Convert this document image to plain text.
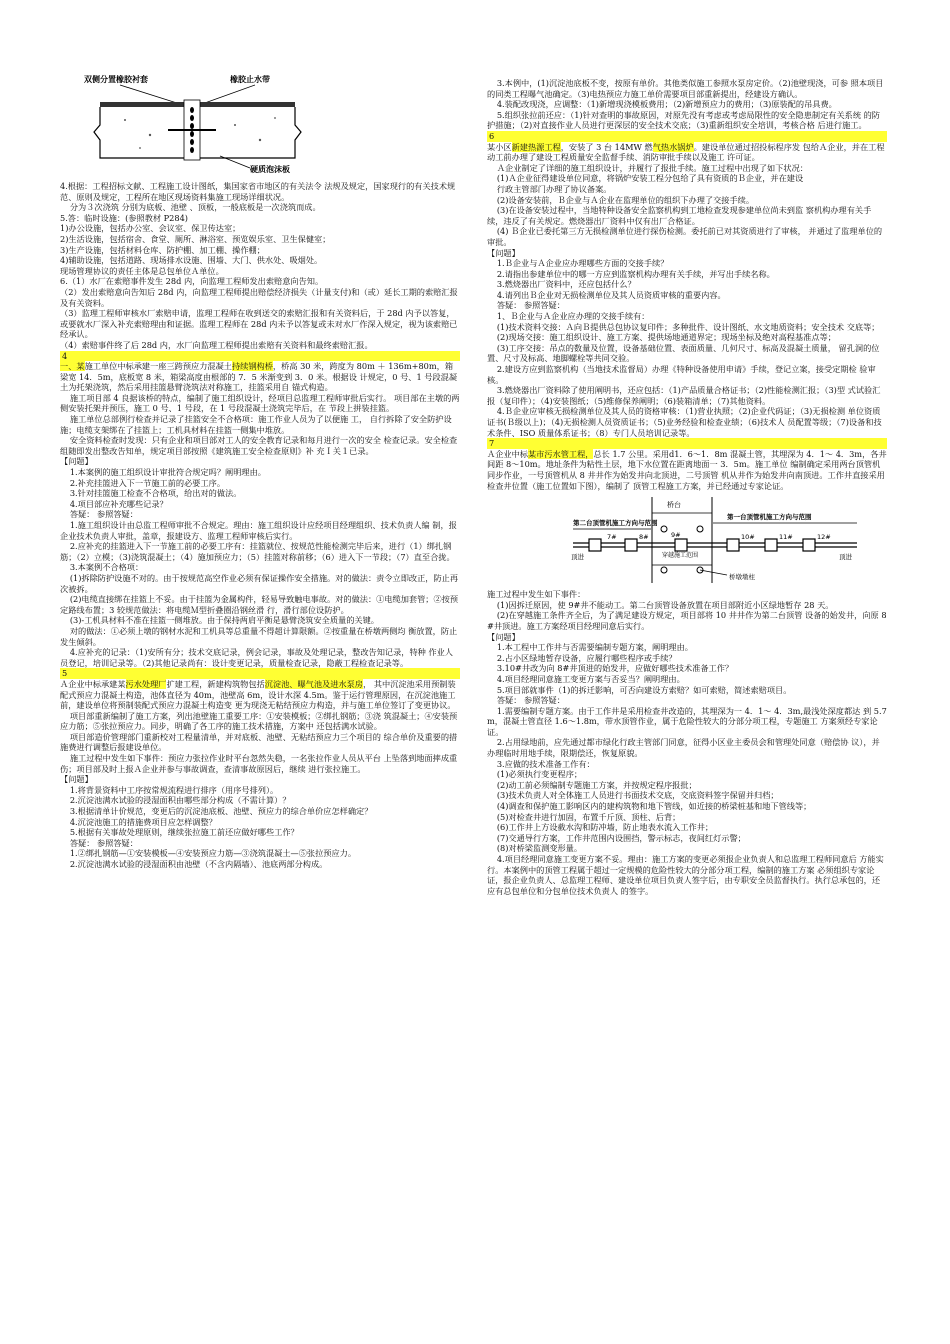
双侧分置橡胶衬套	橡胶止水带
硬质泡沫板

4.根据：工程招标文献、工程施工设计图纸，集国家省市地区的有关法令 法规及规定，国家现行的有关技术规范、原则及规定，工程所在地区现场资料集施工现场详细状况。

分为３次浇筑 分别为底板、池壁 、顶板，一般底板是一次浇筑而成。

5.答：临时设施：(参照教材 P284)

1)办公设施，包括办公室、会议室、保卫传达室；

2)生活设施，包括宿舍、食堂、厕所、淋浴室、预览娱乐室、卫生保健室；

3)生产设施，包括材料仓库、防护棚、加工棚、操作棚；

4)辅助设施，包括道路、现场排水设施、围墙、大门、供水处、吸烟处。

现场管理协议的责任主体是总包单位Ａ单位。

6.（1）水厂在索赔事件发生 28d 内，向监理工程师发出索赔意向告知。

（2）发出索赔意向告知后 28d 内，向监理工程师提出赔偿经济损失（计量支付)和（或）延长工期的索赔汇报及有关资料。

（3）监理工程师审核水厂索赔申请，监理工程师在收到送交的索赔汇报和有关资料后，于 28d 内予以答复，或要就水厂深入补充索赔理由和证据。监理工程师在 28d 内未予以答复或未对水厂作深入规定，视为该索赔已经承认。

（4）索赔事件终了后 28d 内，水厂向监理工程师提出索赔有关资料和最终索赔汇报。

4

一、某施工单位中标承建一座三跨预应力混凝土持续钢构桥，桥高 30 米，跨度为 80m ＋ 136m+80m，箱梁宽 14．5m，底板宽 8 米，箱梁高度由根部的 7．5 米渐变到 3．0 米。根据设 计规定，0 号、1 号段混凝土为托架浇筑，然后采用挂篮悬臂浇筑法对称施工，挂篮采用自 锚式构造。

施工项目部 4 良据该桥的特点，编制了施工组织设计，经项目总监理工程师审批后实行。 项目部在主墩的两侧安装托架并预压，施工 0 号、1 号段，在 1 号段混凝土浇筑完毕后，在 节段上拼装挂篮。

施工单位总部例行检查并记录了挂篮安全不合格项：施工作业人员为了以便施 工， 自行拆除了安全防护设施；电缆支架绑在了挂篮上；工机具材料在挂篮一侧集中堆放。

安全资料检查时发现：只有企业和项目部对工人的安全教育记录和每月进行一次的安全 检查记录。安全检查组随即发出整改告知单，规定项目部按照《建筑施工安全检查原则》补 充Ｉ关１已录。

【问题】

1.本案例的施工组织设计审批符合规定吗？阐明理由。

2.补充挂篮进入下一节施工前的必要工序。

3.针对挂篮施工检查不合格项，给出对的做法。

4.项目部应补充哪些记录？

答疑： 参照答疑：

1.施工组织设计由总监工程师审批不合规定。理由：施工组织设计应经项目经理组织、技术负责人编 制，报企业技术负责人审批，盖章，报建设方、监理工程师审核后实行。

2.应补充的挂篮进入下一节施工前的必要工序有：挂篮就位、按规范性能检测完毕后来，进行（1）绑扎钢筋；（2）立模；（3)浇筑混凝土；（4）施加预应力；（5）挂篮对称前移；（6）进入下一节段；（7）直至合拢。

3.本案例不合格项：

(1)拆除防护设施不对的。由于按规范高空作业必须有保证操作安全措施。对的做法：责令立即改正，防止再次被拆。

(2)电缆直接绑在挂篮上不妥。由于挂篮为金属构件，轻易导致触电事故。对的做法：①电缆加套管；②按预定路线布置；3 较规范做法：将电缆Ｍ型折叠圈沿钢丝滑 行，滑行部位设防护。

(3)-工机具材料不准在挂篮一侧堆放。由于保持两肩平衡是悬臂浇筑安全质量的关键。

对的做法：①必须上墩的钢材水泥和工机具等总重量不得超计算限额。②按重量在桥墩两侧均 衡放置，防止发生倾斜。

4.应补充的记录：（1)安所有分；技术交底记录，例会记录，事故及处理记录，整改告知记录，特种 作业人员登记，培训记录等。（2)其他记录尚有：设计变更记录，质量检查记录，隐蔽工程检查记录等。

5

Ａ企业中标承建某污水处理厂扩建工程，新建构筑物包括沉淀池、曝气池及进水泵房， 其中沉淀池采用预制装配式预应力混凝土构造，池体直径为 40m，池壁高 6m，设计水深 4.5m。鉴于运行管理原因，在沉淀池施工前，建设单位将预制装配式预应力混凝土构造变 更为现浇无粘结预应力构造，并与施工单位签订了变更协议。

项目部重新编制了施工方案，列出池壁施工重要工序：①安装模板；②绑扎钢筋；③浇 筑混凝土；④安装预应力筋；⑤张拉预应力。同步，明确了各工序的施工技术措施，方案中 还包括满水试验。

项目部造价管理部门重新校对工程量清单，并对底板、池壁、无粘结预应力三个项目的 综合单价及重要的措施费进行调整后报建设单位。

施工过程中发生如下事件：预应力张拉作业时平台忽然失稳，一名张拉作业人员从平台 上坠落到地面摔成重伤；项目部及时上报Ａ企业并参与事故调查，查清事故原因后，继续 进行张拉施工。

【问题】

1.将背景资料中工序按常规流程进行排序（用序号排列）。

2.沉淀池满水试验的浸湿面积由哪些部分构成（不需计算）？

3.根据清单计价规范，变更后的沉淀池底板、池壁、预应力的综合单价应怎样确定？

4.沉淀池施工的措施费项目应怎样调整？

5.根据有关事故处理原则，继续张拉施工前还应做好哪些工作？

答疑： 参照答疑：

1.②绑扎钢筋—①安装模板—④安装预应力筋—③浇筑混凝土—⑤张拉预应力。

2.沉淀池满水试验的浸湿面积由池壁（不含内隔墙）、池底两部分构成。

3.本例中，(1)沉淀池底板不变，按原有单价。其他类似施工参照水泵房定价。（2)池壁现浇，可参 照本项目的同类工程曝气池确定。（3)电热预应力施工单价需要项目部重新提出，经建设方确认。

4.装配改现浇，应调整：（1)新增现浇模板费用；（2)新增预应力的费用；（3)原装配的吊具费。

5.组织张拉前还应：（1)针对查明的事故原因，对原先没有考虑或考虑局限性的安全隐患制定有关系统 的防护措施；（2)对直接作业人员进行更深层的安全技术交底；（3)重新组织安全培训，考核合格 后进行施工。

6

某小区新建热源工程，安装了 3 台 14MW 燃气热水锅炉。建设单位通过招投标程序发 包给Ａ企业，并在工程动工前办理了建设工程质量安全监督手续、消防审批手续以及施工 许可证。

Ａ企业制定了详细的施工组织设计，并履行了报批手续。施工过程中出现了如下状况：

(1)Ａ企业征得建设单位同意，将锅炉安装工程分包给了具有资质的Ｂ企业，并在建设

行政主管部门办理了协议备案。

(2)设备安装前，Ｂ企业与Ａ企业在监理单位的组织下办理了交接手续。

(3)在设备安装过程中，当地特种设备安全监察机构到工地检查发现参建单位尚未到监 察机构办理有关手续，违反了有关规定。燃烧器出厂资料中仅有出厂合格证。

(4) Ｂ企业已委托第三方无损检测单位进行探伤检测。委托前已对其资质进行了审核， 并通过了监理单位的审批。

【问题】

1.Ｂ企业与Ａ企业应办理哪些方面的交接手续？

2.请指出参建单位中的哪一方应到监察机构办理有关手续，并写出手续名称。

3.燃烧器出厂资料中，还应包括什么？

4.请列出Ｂ企业对无损检测单位及其人员资质审核的重要内容。

答疑： 参照答疑：

1、Ｂ企业与Ａ企业应办理的交接手续有：

(1)技术资料交接：Ａ向Ｂ提供总包协议复印件；多种批件、设计图纸、水文地质资料；安全技术 交底等；

(2)现场交接：施工组织设计、施工方案、提供场地通道界定；现场坐标及绝对高程基准点等；

(3)工序交接：吊点的数量及位置，设备基础位置、表面质量、几何尺寸、标高及混凝土质量， 留孔洞的位置、尺寸及标高、地脚螺栓等共同交验。

2.建设方应到监察机构（当地技术监督局）办理《特种设备使用申请》手续，登记立案，接受定期检 验审核。

3.燃烧器出厂资料除了使用阐明书，还应包括：（1)产品质量合格证书；（2)性能检测汇报；（3)型 式试验汇报（复印件）；（4)安装图纸；（5)维修保养阐明；（6)装箱清单；（7)其他资料。

4.Ｂ企业应审核无损检测单位及其人员的资格审核：（1)营业执照；（2)企业代码证；（3)无损检测 单位资质证书(Ｂ级以上)；（4)无损检测人员资质证书；（5)业务经验和检查业绩；（6)技术人 员配置等级；（7)设备和技术条件、ISO 质量体系证书；（8）专门人员培训记录等。

7

Ａ企业中标某市污水管工程，总长 1.7 公里。采用d1．6～1．8m 混凝土管，其埋深为 4．1～ 4．3m，各井间距 8～10m。地址条件为粘性土层，地下水位置在距离地面一 3．5m。施工单位 编制确定采用两台顶管机同步作业，一号顶管机从 8 井井作为始发井向北顶进，二号顶管 机从井作为始发井向南顶进。工作井直接采用检查井位置（施工位置如下图），编制了 顶管工程施工方案，并已经通过专家论证。

桥台
第二台顶管机施工方向与范围
第一台顶管机施工方向与范围
顶进	顶进
穿越施工范围
7#	8#	9#	10#	11#	12#
桥墩墩柱

施工过程中发生如下事件：

(1)因拆迁原因，使 9#井不能动工。第二台顶管设备放置在项目部附近小区绿地暂存 28 天。

(2)在穿越施工条件齐全后，为了满足建设方规定，项目部将 10 井井作为第二台顶管 设备的始发井，向原 8#井顶进。施工方案经项目经理同意后实行。

【问题】

1.本工程中工作井与否需要编制专题方案，阐明理由。

2.占小区绿地暂存设备，应履行哪些程序或手续？

3.10#井改为向 8#井顶进的始发井，应做好哪些技术准备工作？

4.项目经理同意施工变更方案与否妥当？阐明理由。

5.项目部就事件（1)的拆迁影响，可否向建设方索赔？如可索赔，简述索赔项目。

答疑： 参照答疑：

1.需要编制专题方案。由于工作井是采用检查井改造的，其埋深为一 4．1～ 4．3m,最浅处深度都达 到 5.7m，混凝土管直径 1.6～1.8m，带水顶管作业，属于危险性较大的分部分项工程，专题施工 方案须经专家论证。

2.占用绿地前，应先通过都市绿化行政主管部门同意，征得小区业主委员会和管理处同意（赔偿协 议），并办理临时用地手续，限期偿还，恢复原貌。

3.应做的技术准备工作有：

(1)必须执行变更程序；

(2)动工前必须编制专题施工方案，并按规定程序报批；

(3)技术负责人对全体施工人员进行书面技术交底，交底资料签字保留并归档；

(4)调查和保护施工影响区内的建构筑物和地下管线，如近接的桥梁桩基和地下管线等；

(5)对检查井进行加固，布置千斤顶、顶柱、后背；

(6)工作井上方设截水沟和防冲墙，防止地表水流入工作井；

(7)交通导行方案，工作井范围内设围挡，警示标志，夜间红灯示警；

(8)对桥梁监测变形量。

4.项目经理同意施工变更方案不妥。理由：施工方案的变更必须报企业负责人和总监理工程师同意后 方能实行。本案例中的顶管工程属于超过一定规模的危险性较大的分部分项工程，编制的施工方案 必须组织专家论证，报企业负责人、总监理工程师、建设单位项目负责人签字后，由专职安全员监督执行。执行总承包的，还应有总包单位和分包单位技术负责人 的签字。
